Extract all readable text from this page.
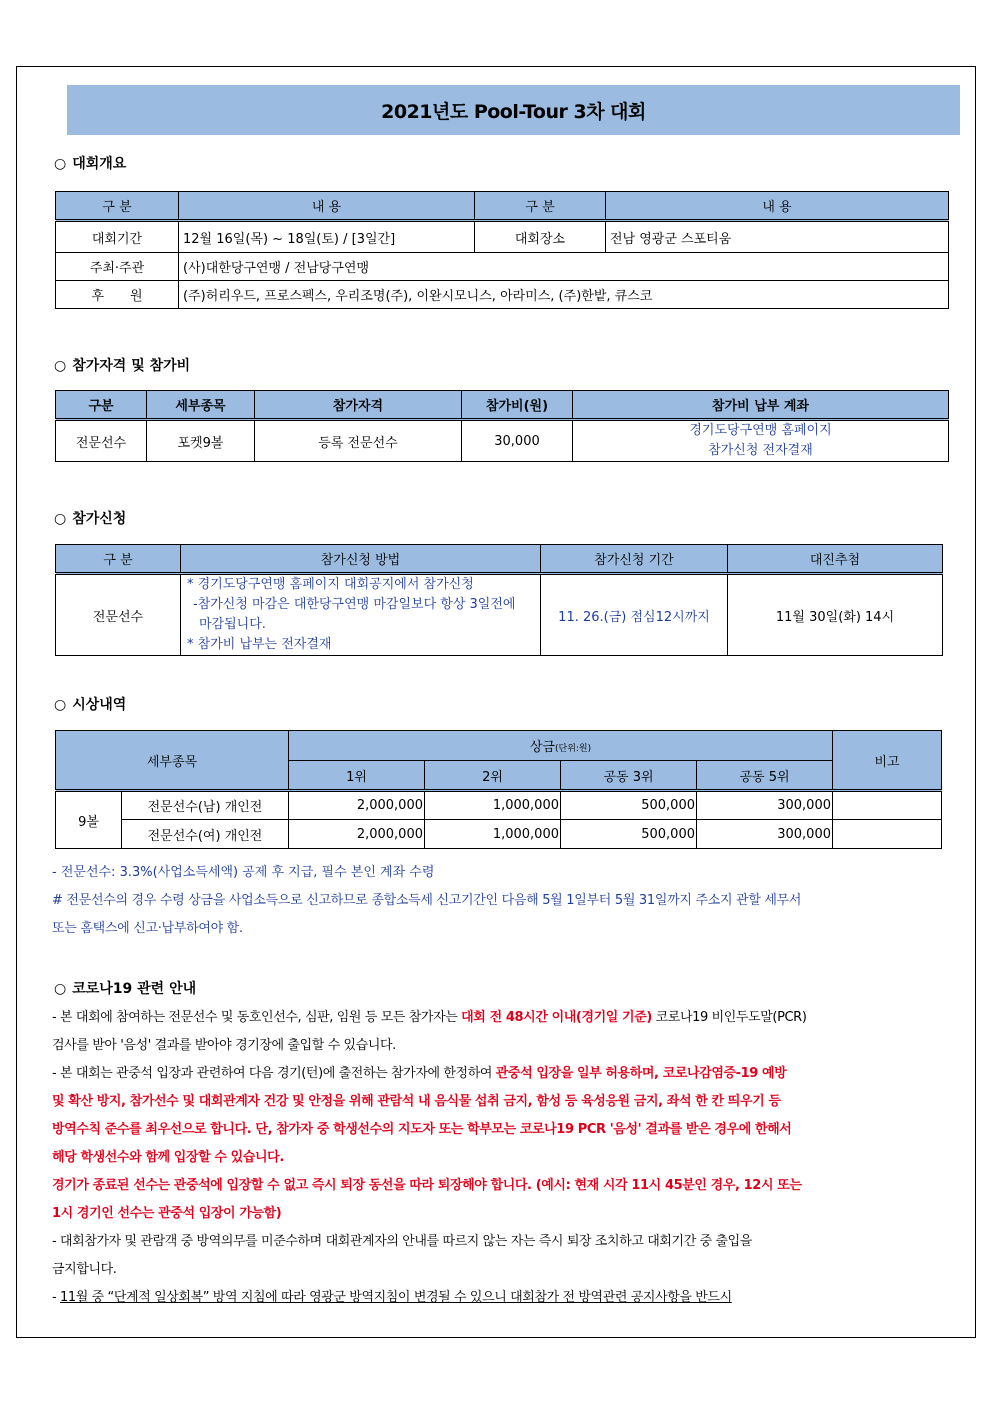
2021년도 Pool-Tour 3차 대회
○ 대회개요
구 분	내 용	구 분	내 용
대회기간	12월 16일(목) ~ 18일(토) / [3일간]	대회장소	전남 영광군 스포티움
주최·주관	(사)대한당구연맹 / 전남당구연맹		
후　　원	(주)허리우드, 프로스펙스, 우리조명(주), 이완시모니스, 아라미스, (주)한밭, 큐스코		
○ 참가자격 및 참가비
구분	세부종목	참가자격	참가비(원)	참가비 납부 계좌
전문선수	포켓9볼	등록 전문선수	30,000	경기도당구연맹 홈페이지
참가신청 전자결재
○ 참가신청
구 분	참가신청 방법	참가신청 기간	대진추첨
전문선수	* 경기도당구연맹 홈페이지 대회공지에서 참가신청
-참가신청 마감은 대한당구연맹 마감일보다 항상 3일전에
마감됩니다.
* 참가비 납부는 전자결재	11. 26.(금) 점심12시까지	11월 30일(화) 14시
○ 시상내역
세부종목		상금(단위:원)				비고
		1위	2위	공동 3위	공동 5위	
9볼	전문선수(남) 개인전	2,000,000	1,000,000	500,000	300,000	
	전문선수(여) 개인전	2,000,000	1,000,000	500,000	300,000	
- 전문선수: 3.3%(사업소득세액) 공제 후 지급, 필수 본인 계좌 수령
# 전문선수의 경우 수령 상금을 사업소득으로 신고하므로 종합소득세 신고기간인 다음해 5월 1일부터 5월 31일까지 주소지 관할 세무서
또는 홈택스에 신고·납부하여야 함.
○ 코로나19 관련 안내
- 본 대회에 참여하는 전문선수 및 동호인선수, 심판, 임원 등 모든 참가자는 대회 전 48시간 이내(경기일 기준) 코로나19 비인두도말(PCR)
검사를 받아 '음성' 결과를 받아야 경기장에 출입할 수 있습니다.
- 본 대회는 관중석 입장과 관련하여 다음 경기(턴)에 출전하는 참가자에 한정하여 관중석 입장을 일부 허용하며, 코로나감염증-19 예방
및 확산 방지, 참가선수 및 대회관계자 건강 및 안정을 위해 관람석 내 음식물 섭취 금지, 함성 등 육성응원 금지, 좌석 한 칸 띄우기 등
방역수칙 준수를 최우선으로 합니다. 단, 참가자 중 학생선수의 지도자 또는 학부모는 코로나19 PCR '음성' 결과를 받은 경우에 한해서
해당 학생선수와 함께 입장할 수 있습니다.
경기가 종료된 선수는 관중석에 입장할 수 없고 즉시 퇴장 동선을 따라 퇴장해야 합니다. (예시: 현재 시각 11시 45분인 경우, 12시 또는
1시 경기인 선수는 관중석 입장이 가능함)
- 대회참가자 및 관람객 중 방역의무를 미준수하며 대회관계자의 안내를 따르지 않는 자는 즉시 퇴장 조치하고 대회기간 중 출입을
금지합니다.
- 11월 중 “단계적 일상회복” 방역 지침에 따라 영광군 방역지침이 변경될 수 있으니 대회참가 전 방역관련 공지사항을 반드시
